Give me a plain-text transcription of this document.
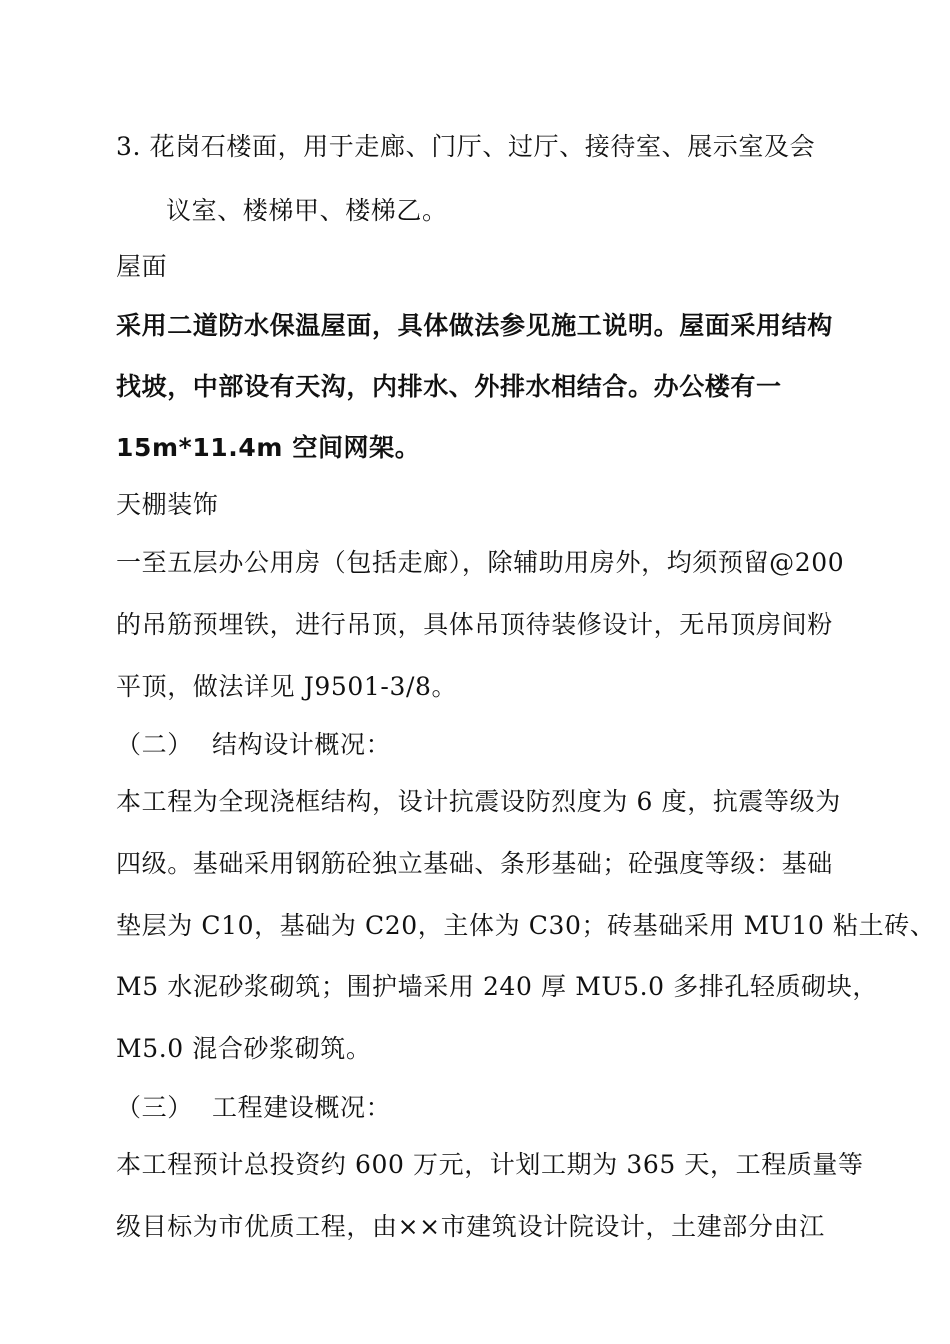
3. 花岗石楼面，用于走廊、门厅、过厅、接待室、展示室及会
议室、楼梯甲、楼梯乙。
屋面
采用二道防水保温屋面，具体做法参见施工说明。屋面采用结构
找坡，中部设有天沟，内排水、外排水相结合。办公楼有一
15m*11.4m 空间网架。
天棚装饰
一至五层办公用房（包括走廊），除辅助用房外，均须预留@200
的吊筋预埋铁，进行吊顶，具体吊顶待装修设计，无吊顶房间粉
平顶，做法详见 J9501-3/8。
（二） 结构设计概况：
本工程为全现浇框结构，设计抗震设防烈度为 6 度，抗震等级为
四级。基础采用钢筋砼独立基础、条形基础；砼强度等级：基础
垫层为 C10，基础为 C20，主体为 C30；砖基础采用 MU10 粘土砖、
M5 水泥砂浆砌筑；围护墙采用 240 厚 MU5.0 多排孔轻质砌块，
M5.0 混合砂浆砌筑。
（三） 工程建设概况：
本工程预计总投资约 600 万元，计划工期为 365 天，工程质量等
级目标为市优质工程，由××市建筑设计院设计，土建部分由江
